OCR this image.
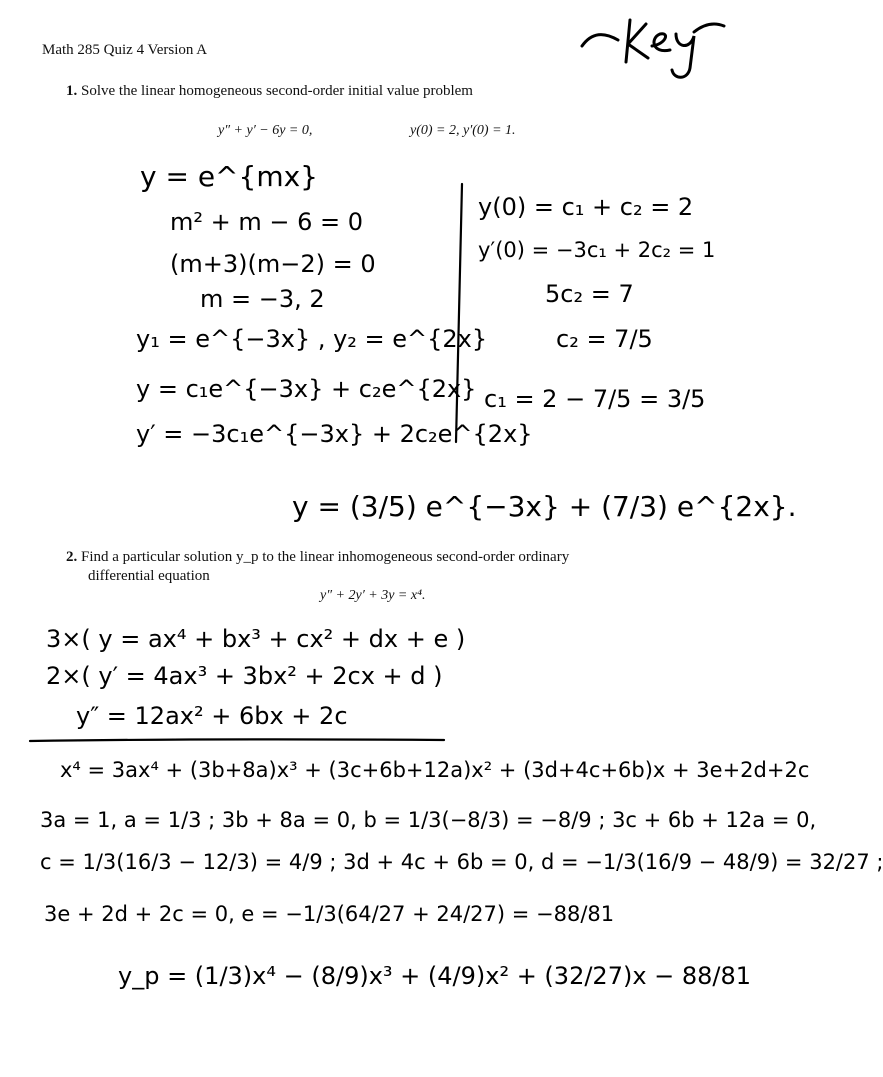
Math 285 Quiz 4 Version A
1. Solve the linear homogeneous second-order initial value problem
y″ + y′ − 6y = 0,	y(0) = 2, y′(0) = 1.
y = e^{mx}
m² + m − 6 = 0
(m+3)(m−2) = 0
m = −3, 2
y₁ = e^{−3x} , y₂ = e^{2x}
y = c₁e^{−3x} + c₂e^{2x}
y′ = −3c₁e^{−3x} + 2c₂e^{2x}
y(0) = c₁ + c₂ = 2
y′(0) = −3c₁ + 2c₂ = 1
5c₂ = 7
c₂ = 7/5
c₁ = 2 − 7/5 = 3/5
y = (3/5) e^{−3x} + (7/3) e^{2x}.
2. Find a particular solution y_p to the linear inhomogeneous second-order ordinary
differential equation
y″ + 2y′ + 3y = x⁴.
3×( y = ax⁴ + bx³ + cx² + dx + e )
2×( y′ = 4ax³ + 3bx² + 2cx + d )
y″ = 12ax² + 6bx + 2c
x⁴ = 3ax⁴ + (3b+8a)x³ + (3c+6b+12a)x² + (3d+4c+6b)x + 3e+2d+2c
3a = 1, a = 1/3 ; 3b + 8a = 0, b = 1/3(−8/3) = −8/9 ; 3c + 6b + 12a = 0,
c = 1/3(16/3 − 12/3) = 4/9 ; 3d + 4c + 6b = 0, d = −1/3(16/9 − 48/9) = 32/27 ;
3e + 2d + 2c = 0, e = −1/3(64/27 + 24/27) = −88/81
y_p = (1/3)x⁴ − (8/9)x³ + (4/9)x² + (32/27)x − 88/81
